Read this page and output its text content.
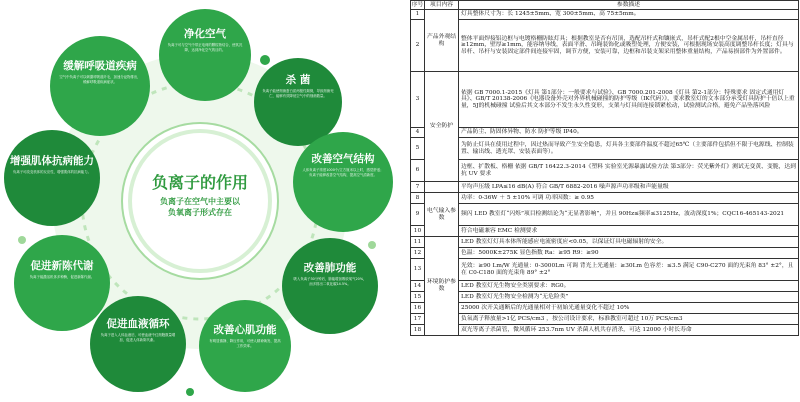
净化空气
负离子可与空气中带正电荷的颗粒物结合，使其沉降，达到净化空气的目的。
杀 菌
负离子能使细菌蛋白质两极性颠倒，导致细菌死亡，能够有效降低空气中的细菌数量。
改善空气结构
人体负离子浓度1000个/立方厘米以上时，感觉舒适；负离子能够改善空气结构，提高空气清新度。
改善肺功能
吸入负离子30分钟后，肺能增加吸收氧气20%，而多排出二氧化碳14.5%。
改善心肌功能
有明显镇静、降压作用，可使人精神焕发、提高工作效率。
促进血液循环
负离子进入人体血液后，可使血液中红细胞数量增加，促进人体新陈代谢。
促进新陈代谢
负离子能激活机体多种酶，促进新陈代谢。
增强肌体抗病能力
负离子可改变机体的反应性，增强肌体的抗病能力。
缓解呼吸道疾病
空气中负离子可以刺激呼吸道纤毛，加速分泌物排出，缓解呼吸道疾病症状。
负离子的作用
负离子在空气中主要以
负氧离子形式存在
序号	项目内容	参数描述
1	产品外观结构	灯具整体尺寸为：长 1245±5mm、宽 300±5mm、高 75±5mm。
2		整体平面焊接铝边框与电镀格栅防眩灯具；根据教室是否有吊顶，选配吊杆式和镶嵌式，吊杆式配2根中空金属吊杆，吊杆直径≥12mm，壁厚≥1mm，能容纳导线，表面平滑、吊绳装饰化或吸塑处理，方便安装，可根据现场安装高度调整吊杆长度；灯具与吊杆、吊杆与安装固定部件间连接牢固，调节方便，安装可靠，边框和吊装支架采用整体重量结构，产品易损部件为外置部件。
3	安全防护	依据 GB 7000.1-2015《灯具 第1部分：一般要求与试验》、GB 7000.201-2008《灯具 第2-1部分：特殊要求 固定式通用灯具》、GB/T 20138-2006《电器设备外壳对外界机械碰撞的防护等级（IK代码）》，要求教室灯的文本部分承受灯具防护十倍以上重量，5J的机械碰撞 试验后其文本部分不发生永久性变形，支架与灯具间连接锁紧松动，试验测试合格，避免产品坠落风险
4		产品防尘、防固体异物、防水 防护等级 IP40。
5		为防止灯具在使用过程中，因过热而导致产生安全隐患，灯具各主要部件温度不超过65℃（主要部件包括但不限于电源线、控制装置、输出线、透光罩、安装表面等）。
6		边框、扩散板、格栅 依据 GB/T 16422.3-2014《塑料 实验室光源暴露试验方法 第3部分：荧光紫外灯》测试无变黄、变脆，达到抗 UV 要求
7		平均声压级 LPA≤16 dB(A) 符合 GB/T 6882-2016 噪声源声功率级和声能量级
8	电气输入参数	功率：0-36W ＋ 5 ±10% 可调 功率因数：≥ 0.95
9		频闪 LED 教室灯“闪烁”项目检测结论为“无显著影响”，并且 90Hz≤频率≤3125Hz，波动深度1%；CQC16-465143-2021
10		符合电磁兼容 EMC 检测要求
11	环境防护参数	LED 教室灯灯具本体所能感应电流密度应<0.05，以保证灯具电磁辐射的安全。
12		色温：5000K±275K 显色指数 Ra：≥95 R9：≥90
13		光效：≥90 Lm/W 光通量：0-3000Lm 可调 背光上光通量：≥30Lm 色容差：≤3.5 满足 C90-C270 面的光束角 83° ±2°，且在 C0-C180 面的光束角 89° ±2°
14		LED 教室灯光生物安全类别要求：RG0。
15		LED 教室灯光生物安全检测为“无危险类”
16		25000 次开关通断后的光通量相对于初始光通量变化不超过 10%
17		负氧离子释放量>1亿 PCS/cm3 ，按公司设计要求，标准教室可超过 10万 PCS/cm3
18		双光等离子杀菌管，微风循环 253.7nm UV 杀菌人机共存消杀，可达 12000 小时长寿命
